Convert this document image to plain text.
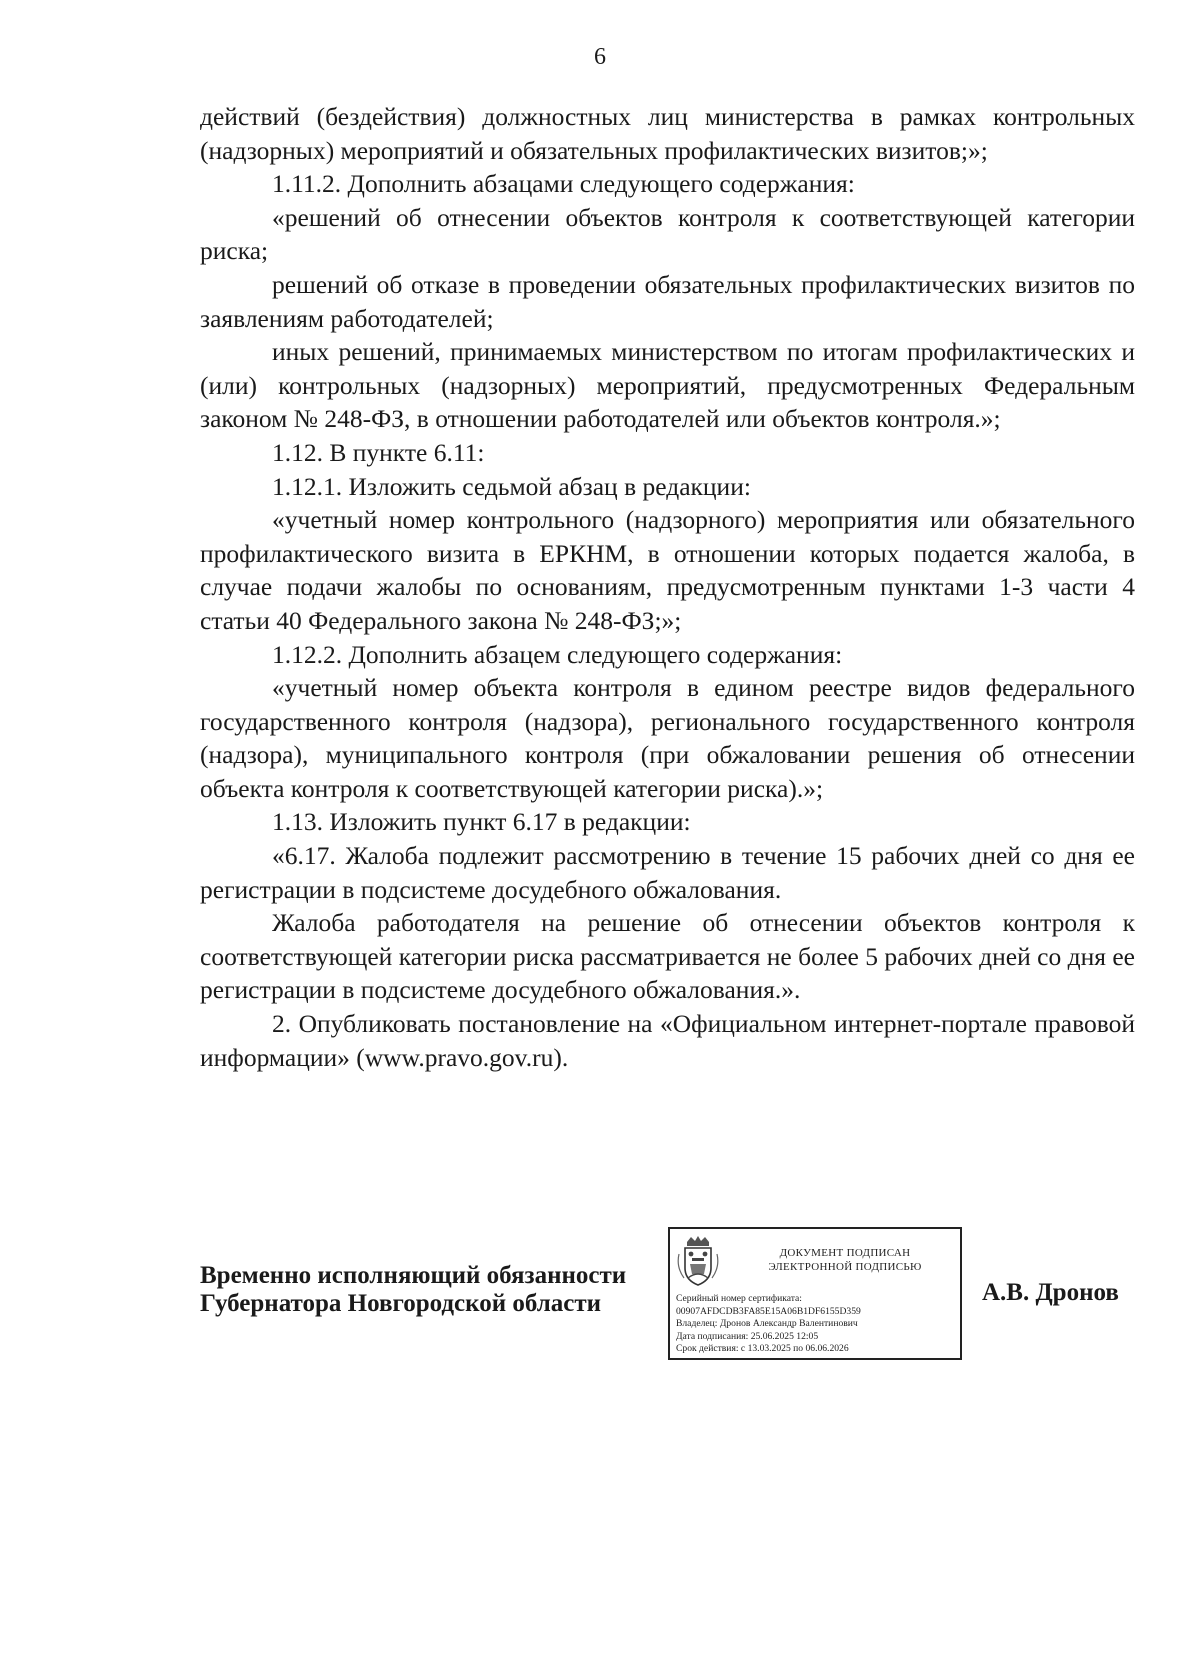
6

действий (бездействия) должностных лиц министерства в рамках контрольных (надзорных) мероприятий и обязательных профилактических визитов;»;

1.11.2. Дополнить абзацами следующего содержания:

«решений об отнесении объектов контроля к соответствующей категории риска;

решений об отказе в проведении обязательных профилактических визитов по заявлениям работодателей;

иных решений, принимаемых министерством по итогам профилактических и (или) контрольных (надзорных) мероприятий, предусмотренных Федеральным законом № 248-ФЗ, в отношении работодателей или объектов контроля.»;

1.12. В пункте 6.11:

1.12.1. Изложить седьмой абзац в редакции:

«учетный номер контрольного (надзорного) мероприятия или обязательного профилактического визита в ЕРКНМ, в отношении которых подается жалоба, в случае подачи жалобы по основаниям, предусмотренным пунктами 1-3 части 4 статьи 40 Федерального закона № 248-ФЗ;»;

1.12.2. Дополнить абзацем следующего содержания:

«учетный номер объекта контроля в едином реестре видов федерального государственного контроля (надзора), регионального государственного контроля (надзора), муниципального контроля (при обжаловании решения об отнесении объекта контроля к соответствующей категории риска).»;

1.13. Изложить пункт 6.17 в редакции:

«6.17. Жалоба подлежит рассмотрению в течение 15 рабочих дней со дня ее регистрации в подсистеме досудебного обжалования.

Жалоба работодателя на решение об отнесении объектов контроля к соответствующей категории риска рассматривается не более 5 рабочих дней со дня ее регистрации в подсистеме досудебного обжалования.».

2. Опубликовать постановление на «Официальном интернет-портале правовой информации» (www.pravo.gov.ru).

Временно исполняющий обязанности
Губернатора Новгородской области
ДОКУМЕНТ ПОДПИСАН
ЭЛЕКТРОННОЙ ПОДПИСЬЮ
Серийный номер сертификата:
00907AFDCDB3FA85E15A06B1DF6155D359
Владелец: Дронов Александр Валентинович
Дата подписания: 25.06.2025 12:05
Срок действия: с 13.03.2025 по 06.06.2026
А.В. Дронов
